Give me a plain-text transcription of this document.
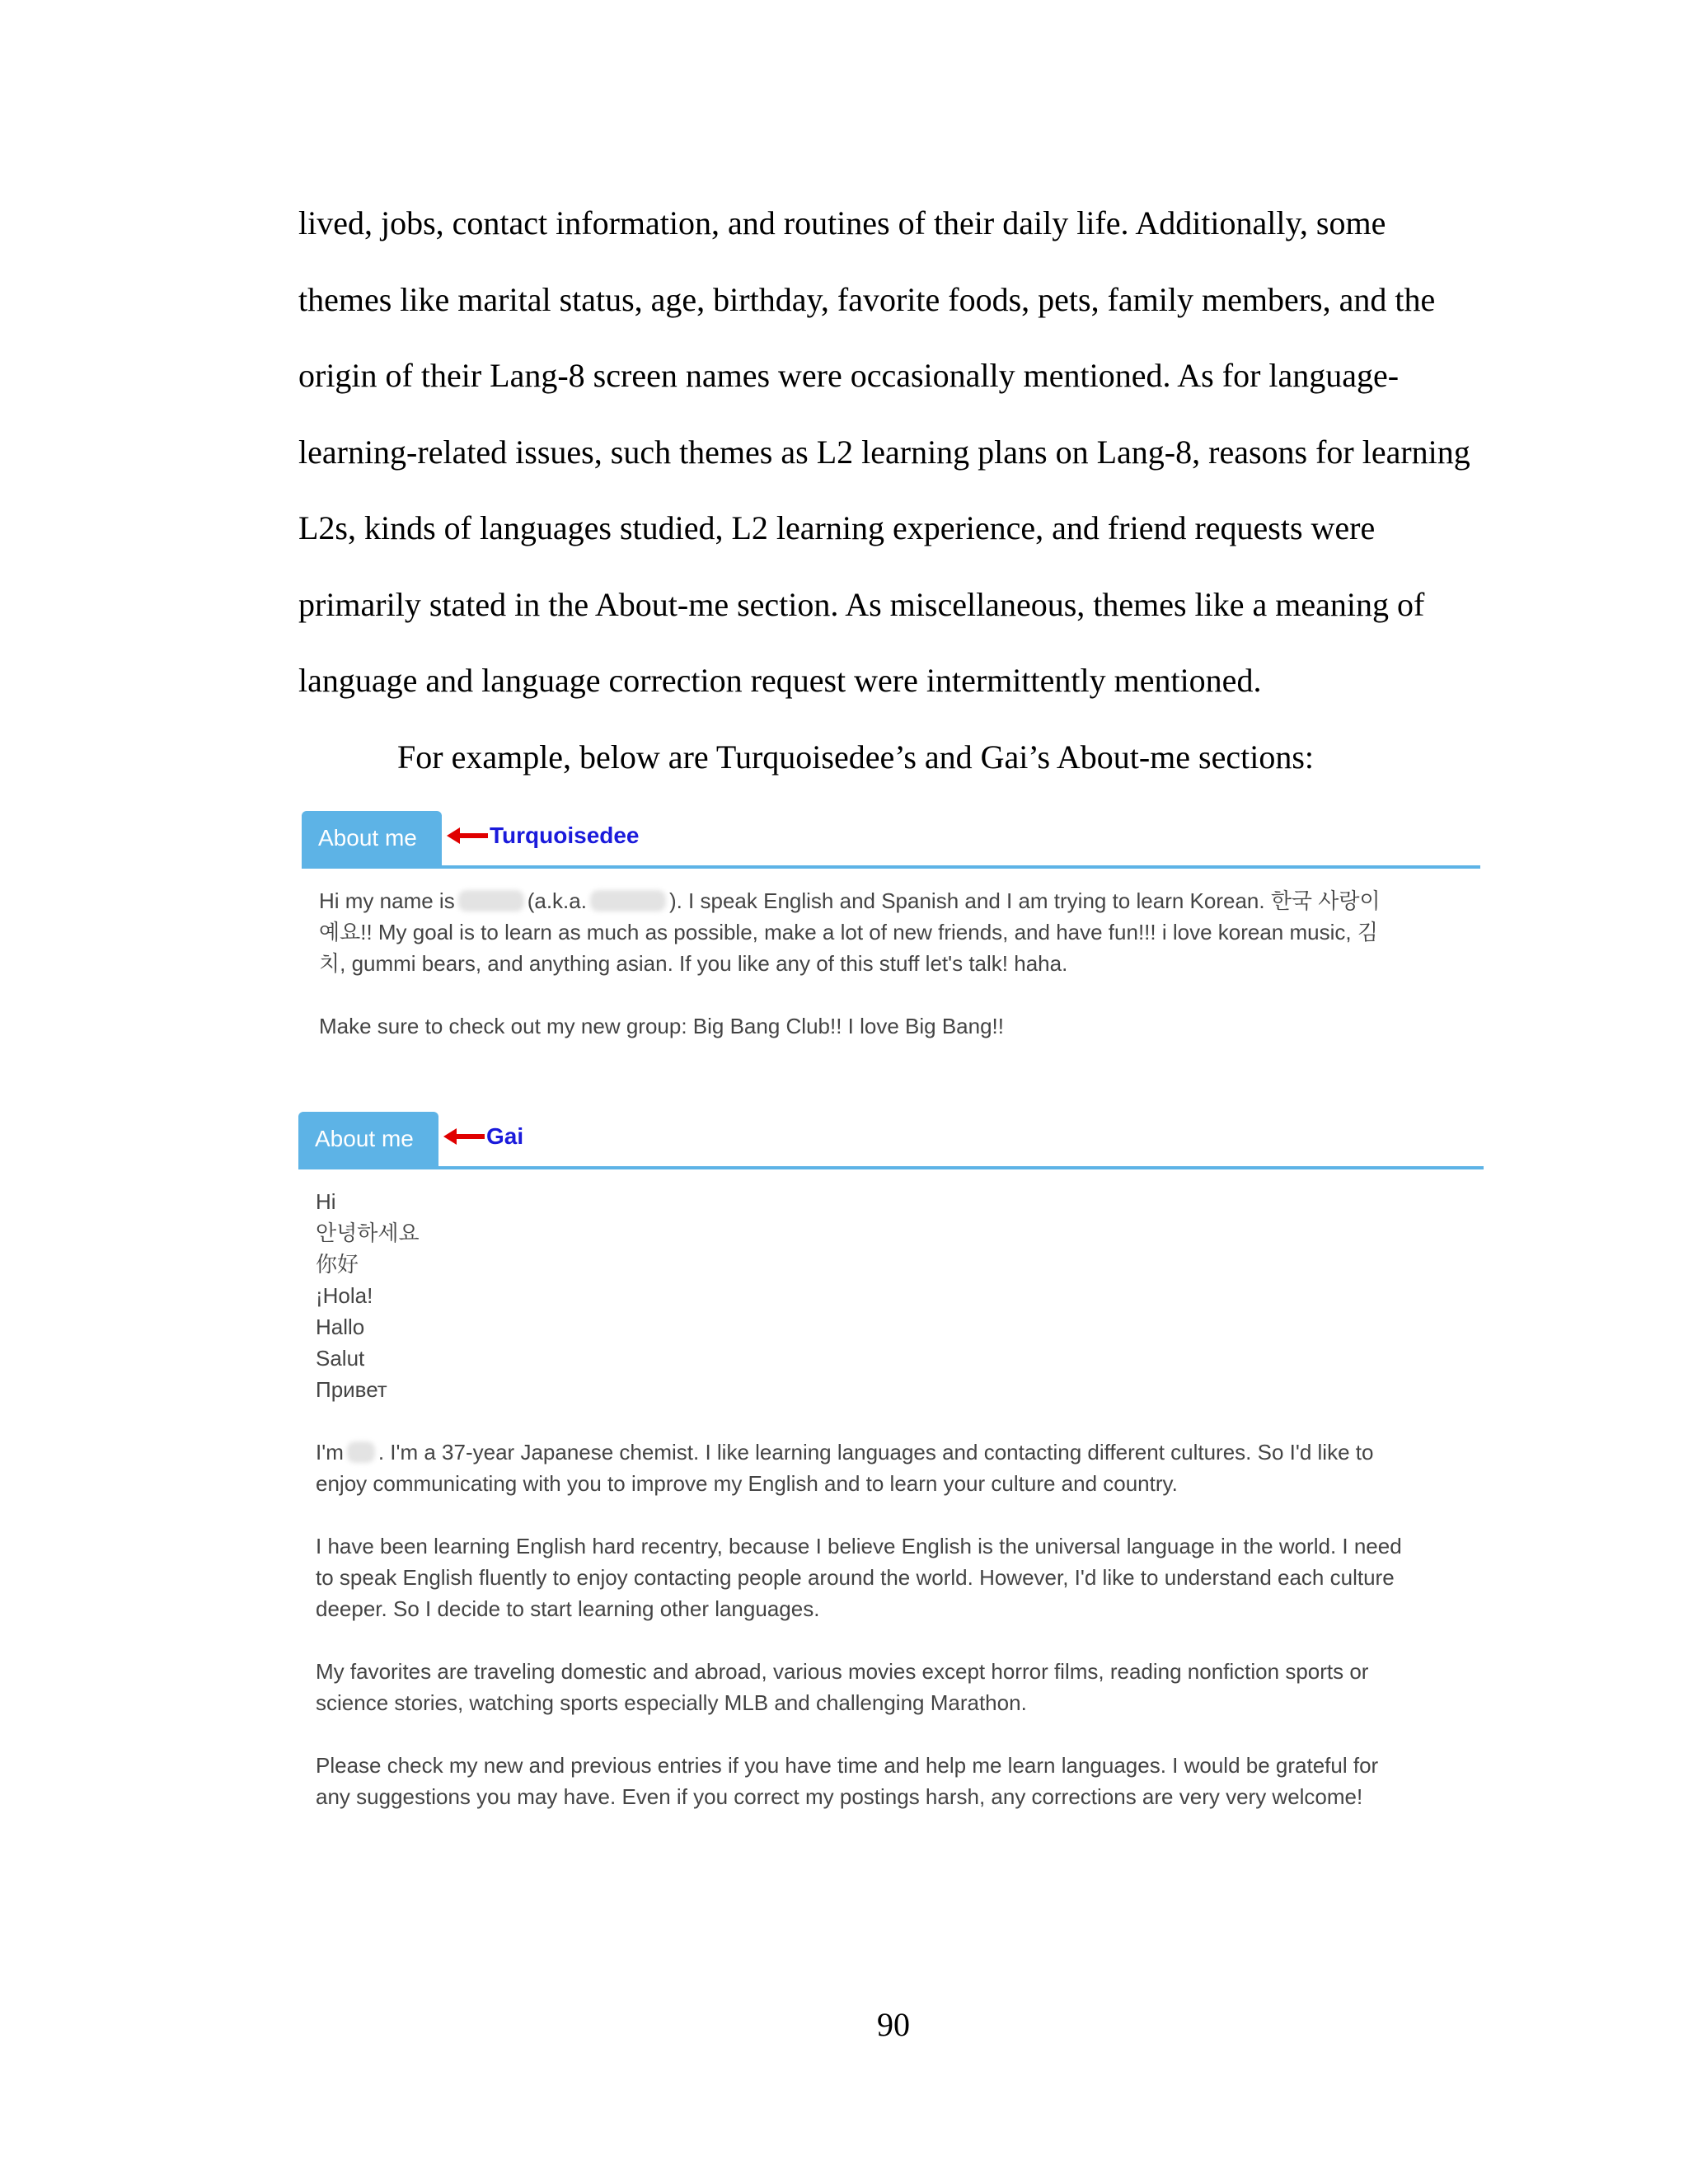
lived, jobs, contact information, and routines of their daily life. Additionally, some
themes like marital status, age, birthday, favorite foods, pets, family members, and the
origin of their Lang-8 screen names were occasionally mentioned. As for language-
learning-related issues, such themes as L2 learning plans on Lang-8, reasons for learning
L2s, kinds of languages studied, L2 learning experience, and friend requests were
primarily stated in the About-me section. As miscellaneous, themes like a meaning of
language and language correction request were intermittently mentioned.
For example, below are Turquoisedee’s and Gai’s About-me sections:
About me	Turquoisedee
Hi my name is	(a.k.a.	). I speak English and Spanish and I am trying to learn Korean. 한국 사랑이
예요!! My goal is to learn as much as possible, make a lot of new friends, and have fun!!! i love korean music, 김
치, gummi bears, and anything asian. If you like any of this stuff let's talk! haha.
Make sure to check out my new group: Big Bang Club!! I love Big Bang!!
About me	Gai
Hi
안녕하세요
你好
¡Hola!
Hallo
Salut
Привет
I'm . I'm a 37-year Japanese chemist. I like learning languages and contacting different cultures. So I'd like to
enjoy communicating with you to improve my English and to learn your culture and country.
I have been learning English hard recentry, because I believe English is the universal language in the world. I need
to speak English fluently to enjoy contacting people around the world. However, I'd like to understand each culture
deeper. So I decide to start learning other languages.
My favorites are traveling domestic and abroad, various movies except horror films, reading nonfiction sports or
science stories, watching sports especially MLB and challenging Marathon.
Please check my new and previous entries if you have time and help me learn languages. I would be grateful for
any suggestions you may have. Even if you correct my postings harsh, any corrections are very very welcome!
90
